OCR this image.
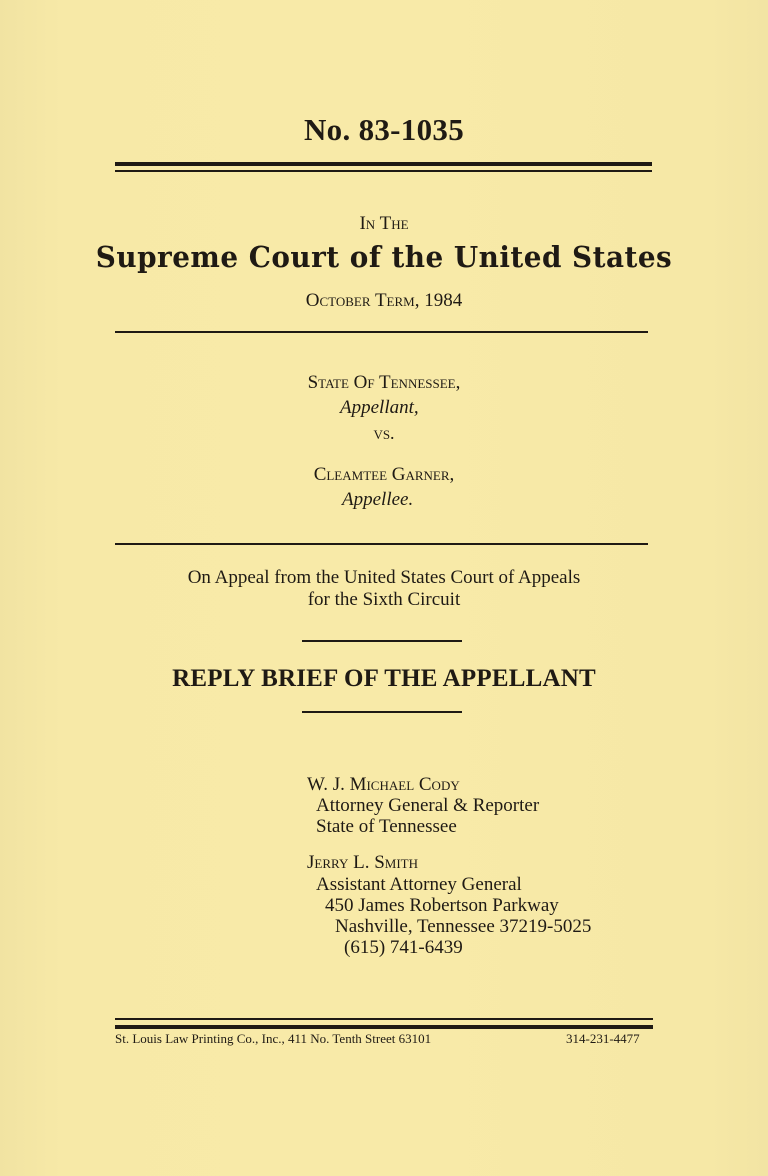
No. 83-1035
In The
Supreme Court of the United States
October Term, 1984
State Of Tennessee,
Appellant,
vs.
Cleamtee Garner,
Appellee.
On Appeal from the United States Court of Appeals
for the Sixth Circuit
REPLY BRIEF OF THE APPELLANT
W. J. Michael Cody
Attorney General & Reporter
State of Tennessee
Jerry L. Smith
Assistant Attorney General
450 James Robertson Parkway
Nashville, Tennessee 37219-5025
(615) 741-6439
St. Louis Law Printing Co., Inc., 411 No. Tenth Street 63101	314-231-4477
